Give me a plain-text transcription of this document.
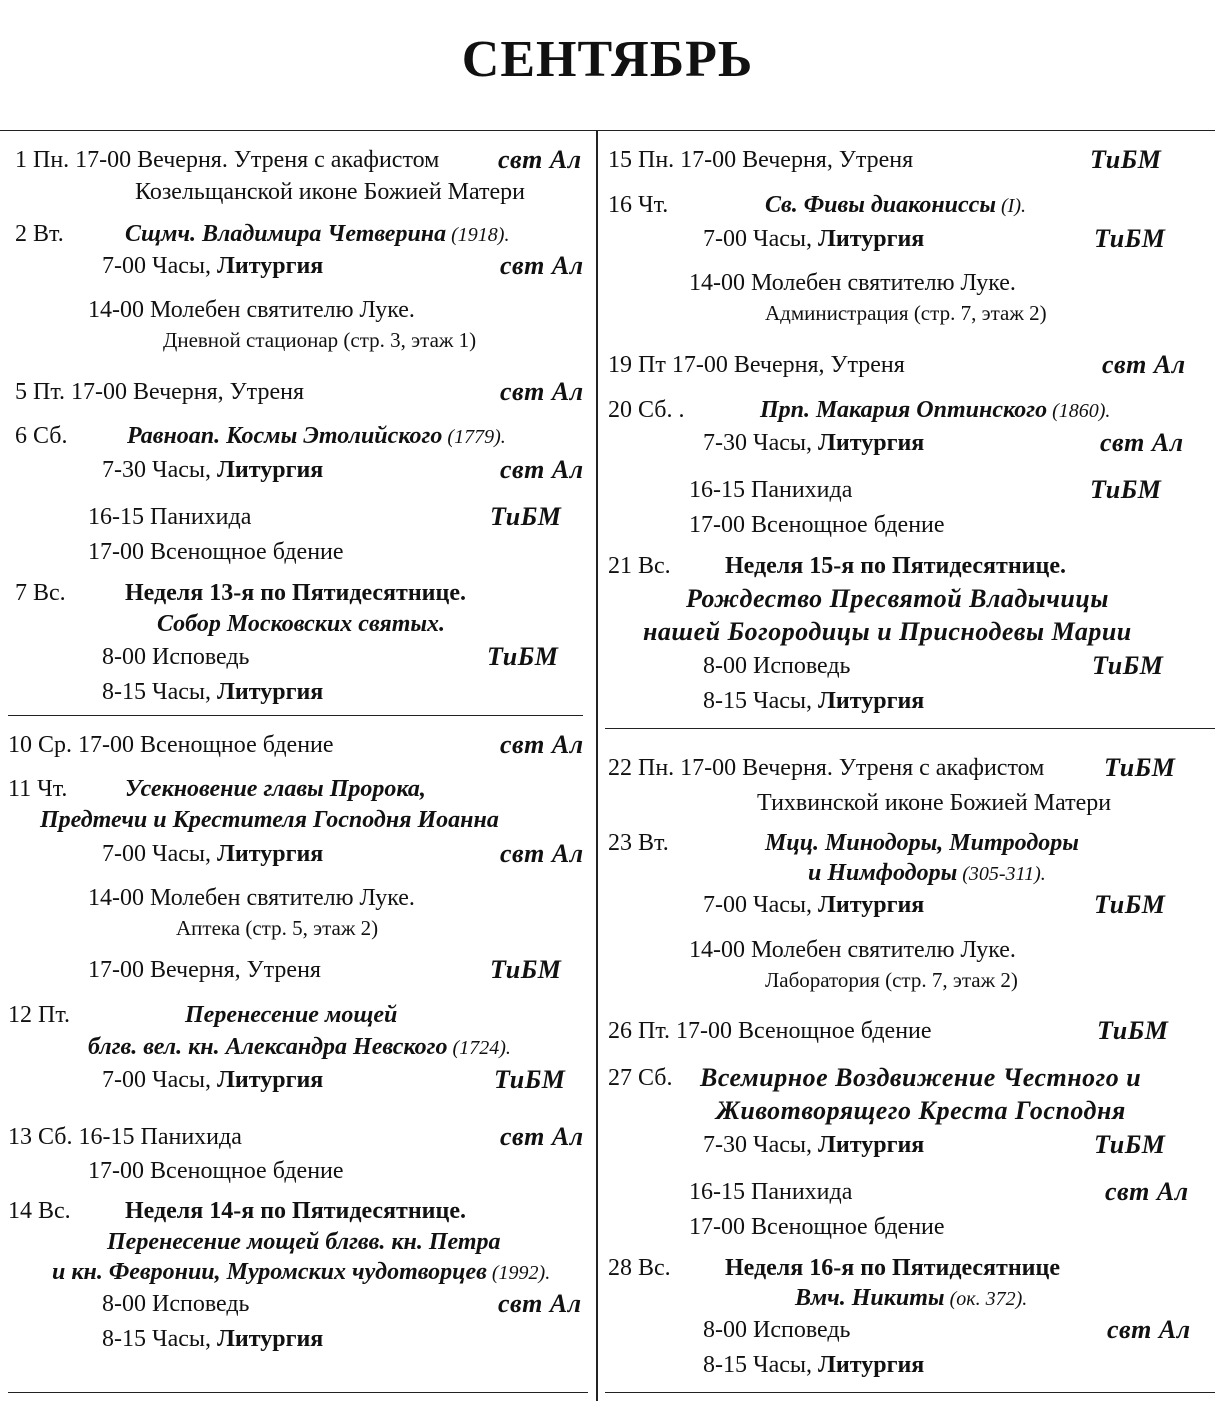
СЕНТЯБРЬ
1 Пн. 17-00 Вечерня. Утреня с акафистом свт Ал
Козельщанской иконе Божией Матери
2 Вт.	Сщмч. Владимира Четверина (1918).
7-00 Часы, Литургия	свт Ал
14-00 Молебен святителю Луке.
Дневной стационар (стр. 3, этаж 1)
5 Пт. 17-00 Вечерня, Утреня	свт Ал
6 Сб. Равноап. Космы Этолийского (1779).
7-30 Часы, Литургия	свт Ал
16-15 Панихида	ТиБМ
17-00 Всенощное бдение
7 Вс. Неделя 13-я по Пятидесятнице.
Собор Московских святых.
8-00 Исповедь	ТиБМ
8-15 Часы, Литургия
10 Ср. 17-00 Всенощное бдение	свт Ал
11 Чт. Усекновение главы Пророка,
Предтечи и Крестителя Господня Иоанна
7-00 Часы, Литургия	свт Ал
14-00 Молебен святителю Луке.
Аптека (стр. 5, этаж 2)
17-00 Вечерня, Утреня	ТиБМ
12 Пт.	Перенесение мощей
блгв. вел. кн. Александра Невского (1724).
7-00 Часы, Литургия	ТиБМ
13 Сб. 16-15 Панихида	свт Ал
17-00 Всенощное бдение
14 Вс. Неделя 14-я по Пятидесятнице.
Перенесение мощей блгвв. кн. Петра
и кн. Февронии, Муромских чудотворцев (1992).
8-00 Исповедь	свт Ал
8-15 Часы, Литургия
15 Пн. 17-00 Вечерня, Утреня	ТиБМ
16 Чт.	Св. Фивы диакониссы (I).
7-00 Часы, Литургия	ТиБМ
14-00 Молебен святителю Луке.
Администрация (стр. 7, этаж 2)
19 Пт 17-00 Вечерня, Утреня	свт Ал
20 Сб. .	Прп. Макария Оптинского (1860).
7-30 Часы, Литургия	свт Ал
16-15 Панихида	ТиБМ
17-00 Всенощное бдение
21 Вс. Неделя 15-я по Пятидесятнице.
Рождество Пресвятой Владычицы
нашей Богородицы и Приснодевы Марии
8-00 Исповедь	ТиБМ
8-15 Часы, Литургия
22 Пн. 17-00 Вечерня. Утреня с акафистом ТиБМ
Тихвинской иконе Божией Матери
23 Вт.	Мцц. Минодоры, Митродоры
и Нимфодоры (305-311).
7-00 Часы, Литургия	ТиБМ
14-00 Молебен святителю Луке.
Лаборатория (стр. 7, этаж 2)
26 Пт. 17-00 Всенощное бдение	ТиБМ
27 Сб. Всемирное Воздвижение Честного и
Животворящего Креста Господня
7-30 Часы, Литургия	ТиБМ
16-15 Панихида	свт Ал
17-00 Всенощное бдение
28 Вс. Неделя 16-я по Пятидесятнице
Вмч. Никиты (ок. 372).
8-00 Исповедь	свт Ал
8-15 Часы, Литургия
